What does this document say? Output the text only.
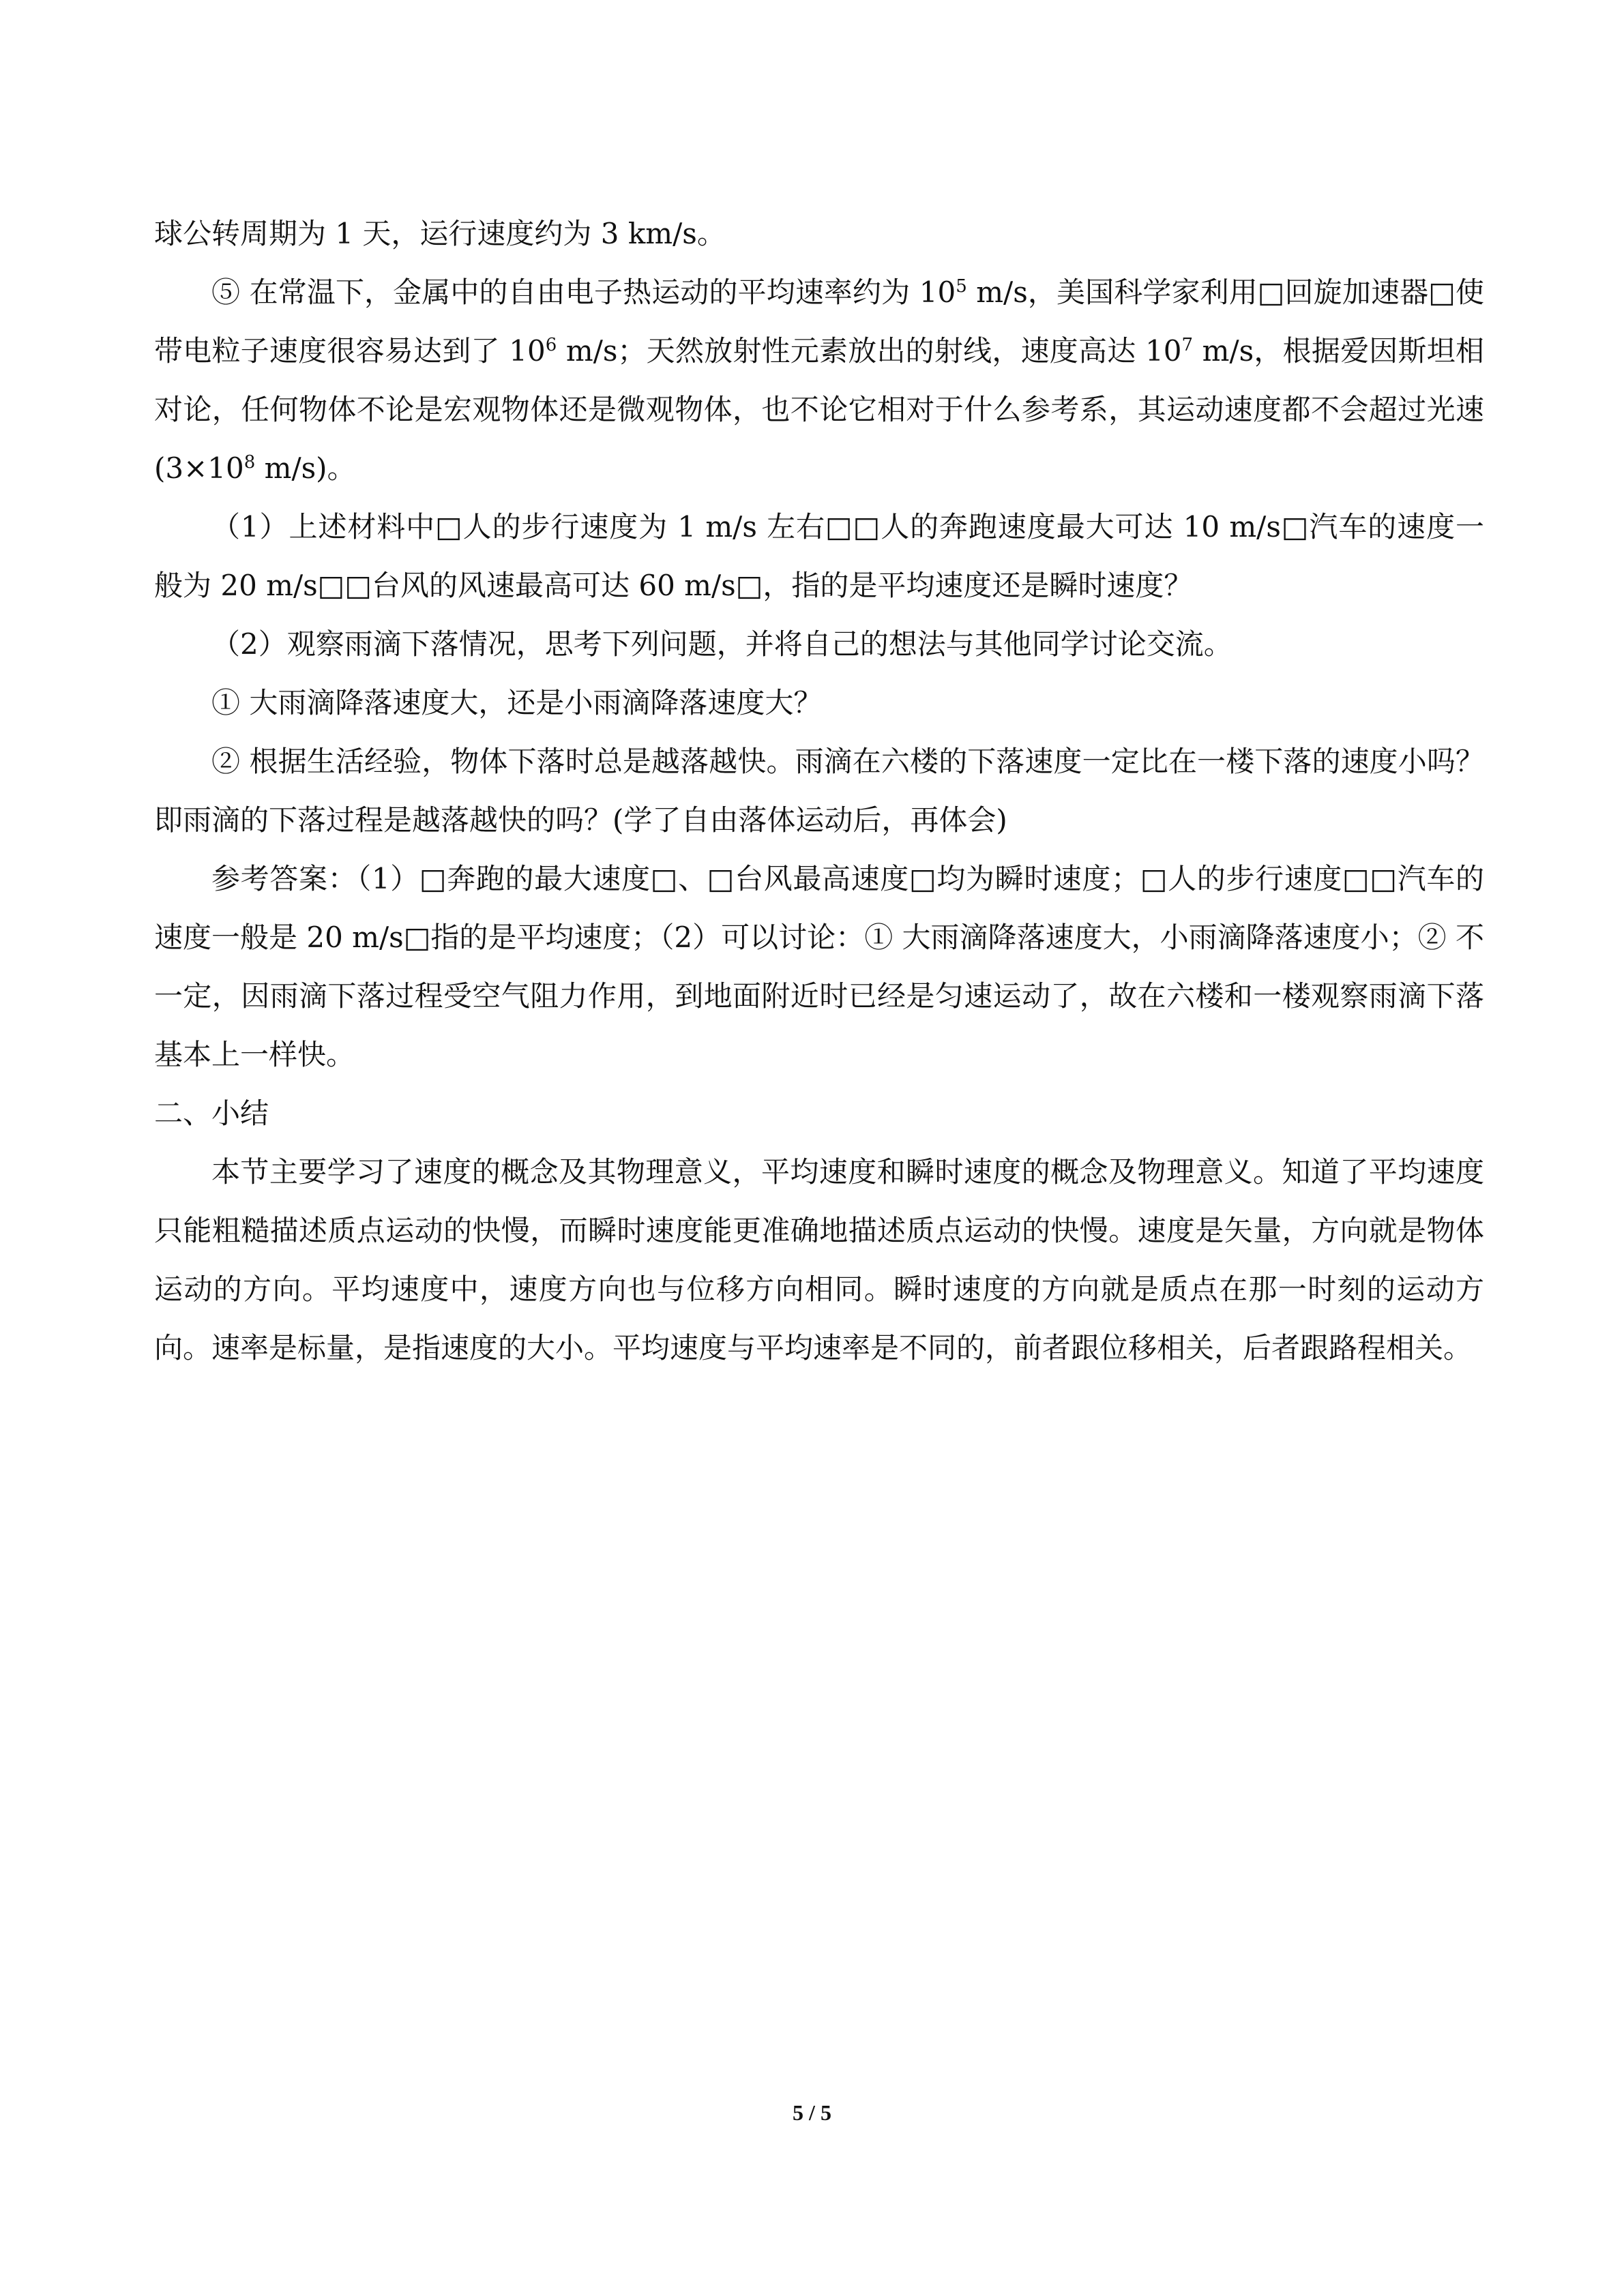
球公转周期为 1 天，运行速度约为 3 km/s。

⑤ 在常温下，金属中的自由电子热运动的平均速率约为 $10^5$ m/s，美国科学家利用□回旋加速器□使带电粒子速度很容易达到了 $10^6$ m/s；天然放射性元素放出的射线，速度高达 $10^7$ m/s，根据爱因斯坦相对论，任何物体不论是宏观物体还是微观物体，也不论它相对于什么参考系，其运动速度都不会超过光速($3\times 10^8$ m/s)。

（1）上述材料中□人的步行速度为 1 m/s 左右□□人的奔跑速度最大可达 10 m/s□汽车的速度一般为 20 m/s□□台风的风速最高可达 60 m/s□，指的是平均速度还是瞬时速度？

（2）观察雨滴下落情况，思考下列问题，并将自己的想法与其他同学讨论交流。

① 大雨滴降落速度大，还是小雨滴降落速度大？

② 根据生活经验，物体下落时总是越落越快。雨滴在六楼的下落速度一定比在一楼下落的速度小吗？即雨滴的下落过程是越落越快的吗？(学了自由落体运动后，再体会)

参考答案：（1）□奔跑的最大速度□、□台风最高速度□均为瞬时速度；□人的步行速度□□汽车的速度一般是 20 m/s□指的是平均速度；（2）可以讨论：① 大雨滴降落速度大，小雨滴降落速度小；② 不一定，因雨滴下落过程受空气阻力作用，到地面附近时已经是匀速运动了，故在六楼和一楼观察雨滴下落基本上一样快。

二、小结

本节主要学习了速度的概念及其物理意义，平均速度和瞬时速度的概念及物理意义。知道了平均速度只能粗糙描述质点运动的快慢，而瞬时速度能更准确地描述质点运动的快慢。速度是矢量，方向就是物体运动的方向。平均速度中，速度方向也与位移方向相同。瞬时速度的方向就是质点在那一时刻的运动方向。速率是标量，是指速度的大小。平均速度与平均速率是不同的，前者跟位移相关，后者跟路程相关。

5 / 5
